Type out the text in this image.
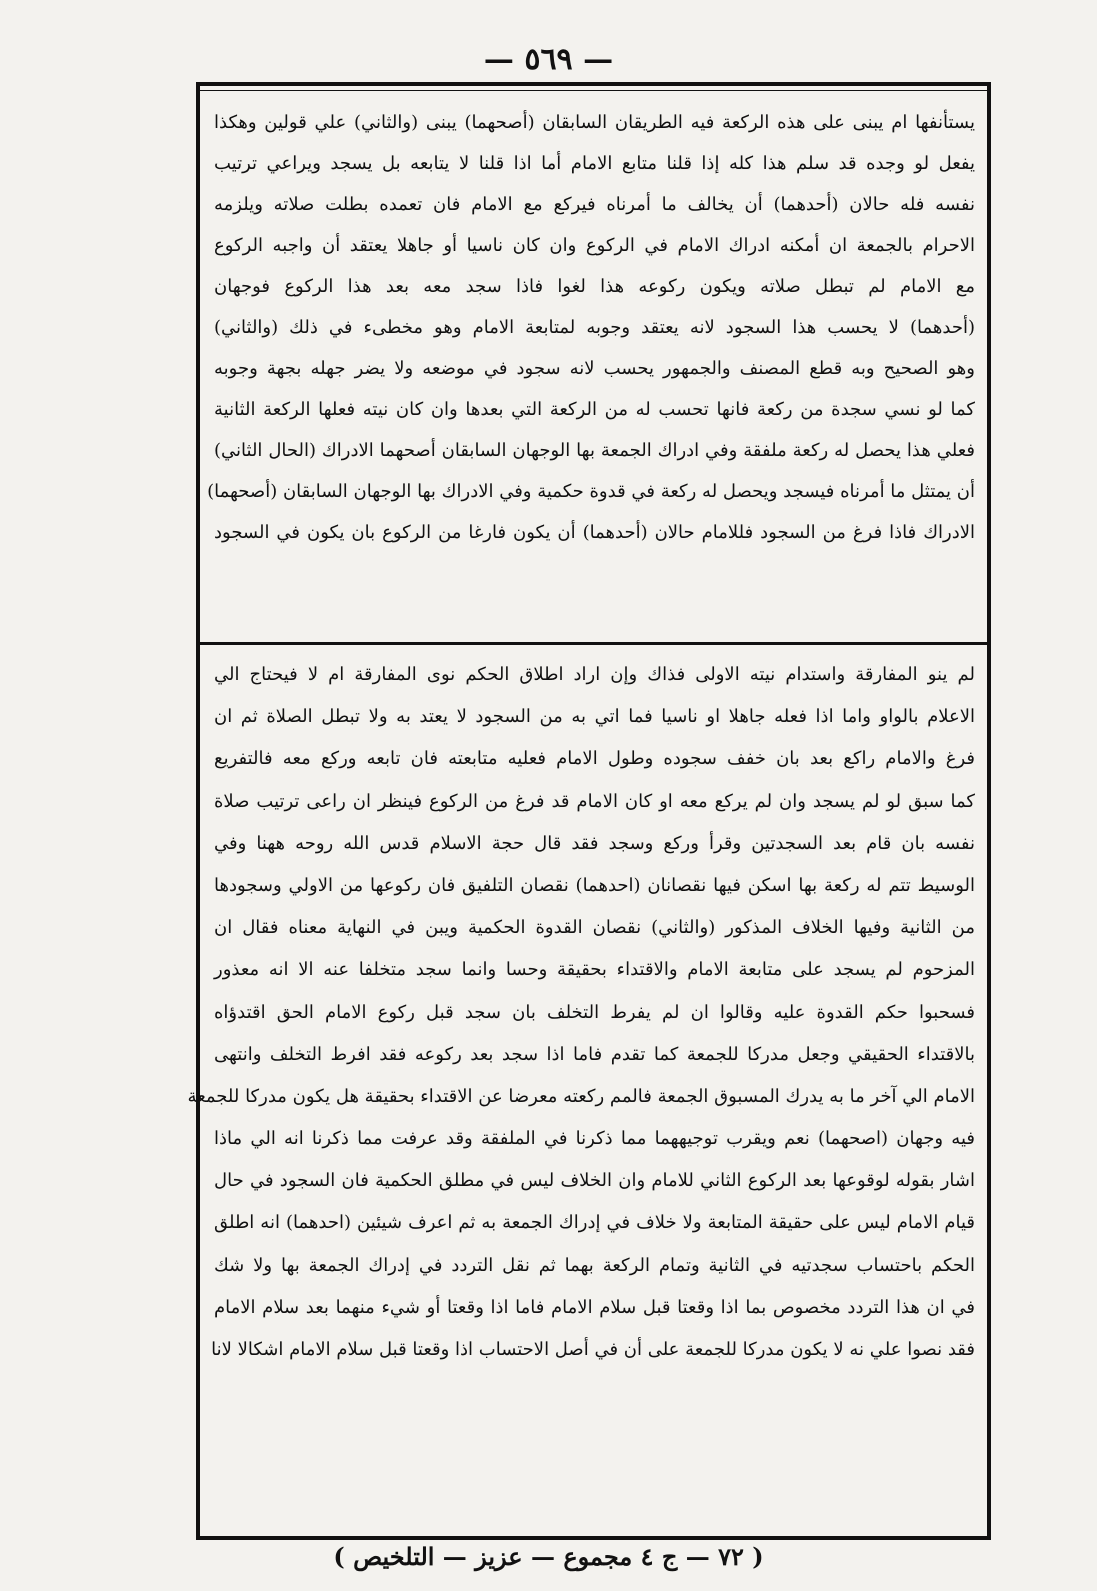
— ٥٦٩ —
يستأنفها ام يبنى على هذه الركعة فيه الطريقان السابقان (أصحهما) يبنى (والثاني) علي قولين وهكذا
يفعل لو وجده قد سلم هذا كله إذا قلنا متابع الامام أما اذا قلنا لا يتابعه بل يسجد ويراعي ترتيب
نفسه فله حالان (أحدهما) أن يخالف ما أمرناه فيركع مع الامام فان تعمده بطلت صلاته ويلزمه
الاحرام بالجمعة ان أمكنه ادراك الامام في الركوع وان كان ناسيا أو جاهلا يعتقد أن واجبه الركوع
مع الامام لم تبطل صلاته ويكون ركوعه هذا لغوا فاذا سجد معه بعد هذا الركوع فوجهان
(أحدهما) لا يحسب هذا السجود لانه يعتقد وجوبه لمتابعة الامام وهو مخطىء في ذلك (والثاني)
وهو الصحيح وبه قطع المصنف والجمهور يحسب لانه سجود في موضعه ولا يضر جهله بجهة وجوبه
كما لو نسي سجدة من ركعة فانها تحسب له من الركعة التي بعدها وان كان نيته فعلها الركعة الثانية
فعلي هذا يحصل له ركعة ملفقة وفي ادراك الجمعة بها الوجهان السابقان أصحهما الادراك (الحال الثاني)
أن يمتثل ما أمرناه فيسجد ويحصل له ركعة في قدوة حكمية وفي الادراك بها الوجهان السابقان (أصحهما)
الادراك فاذا فرغ من السجود فللامام حالان (أحدهما) أن يكون فارغا من الركوع بان يكون في السجود
لم ينو المفارقة واستدام نيته الاولى فذاك وإن اراد اطلاق الحكم نوى المفارقة ام لا فيحتاج الي
الاعلام بالواو واما اذا فعله جاهلا او ناسيا فما اتي به من السجود لا يعتد به ولا تبطل الصلاة ثم ان
فرغ والامام راكع بعد بان خفف سجوده وطول الامام فعليه متابعته فان تابعه وركع معه فالتفريع
كما سبق لو لم يسجد وان لم يركع معه او كان الامام قد فرغ من الركوع فينظر ان راعى ترتيب صلاة
نفسه بان قام بعد السجدتين وقرأ وركع وسجد فقد قال حجة الاسلام قدس الله روحه ههنا وفي
الوسيط تتم له ركعة بها اسكن فيها نقصانان (احدهما) نقصان التلفيق فان ركوعها من الاولي وسجودها
من الثانية وفيها الخلاف المذكور (والثاني) نقصان القدوة الحكمية ويبن في النهاية معناه فقال ان
المزحوم لم يسجد على متابعة الامام والاقتداء بحقيقة وحسا وانما سجد متخلفا عنه الا انه معذور
فسحبوا حكم القدوة عليه وقالوا ان لم يفرط التخلف بان سجد قبل ركوع الامام الحق اقتدؤاه
بالاقتداء الحقيقي وجعل مدركا للجمعة كما تقدم فاما اذا سجد بعد ركوعه فقد افرط التخلف وانتهى
الامام الي آخر ما به يدرك المسبوق الجمعة فالمم ركعته معرضا عن الاقتداء بحقيقة هل يكون مدركا للجمعة
فيه وجهان (اصحهما) نعم ويقرب توجيههما مما ذكرنا في الملفقة وقد عرفت مما ذكرنا انه الي ماذا
اشار بقوله لوقوعها بعد الركوع الثاني للامام وان الخلاف ليس في مطلق الحكمية فان السجود في حال
قيام الامام ليس على حقيقة المتابعة ولا خلاف في إدراك الجمعة به ثم اعرف شيئين (احدهما) انه اطلق
الحكم باحتساب سجدتيه في الثانية وتمام الركعة بهما ثم نقل التردد في إدراك الجمعة بها ولا شك
في ان هذا التردد مخصوص بما اذا وقعتا قبل سلام الامام فاما اذا وقعتا أو شيء منهما بعد سلام الامام
فقد نصوا علي نه لا يكون مدركا للجمعة على أن في أصل الاحتساب اذا وقعتا قبل سلام الامام اشكالا لانا
( ٧٢ — ج ٤ مجموع — عزيز — التلخيص )
